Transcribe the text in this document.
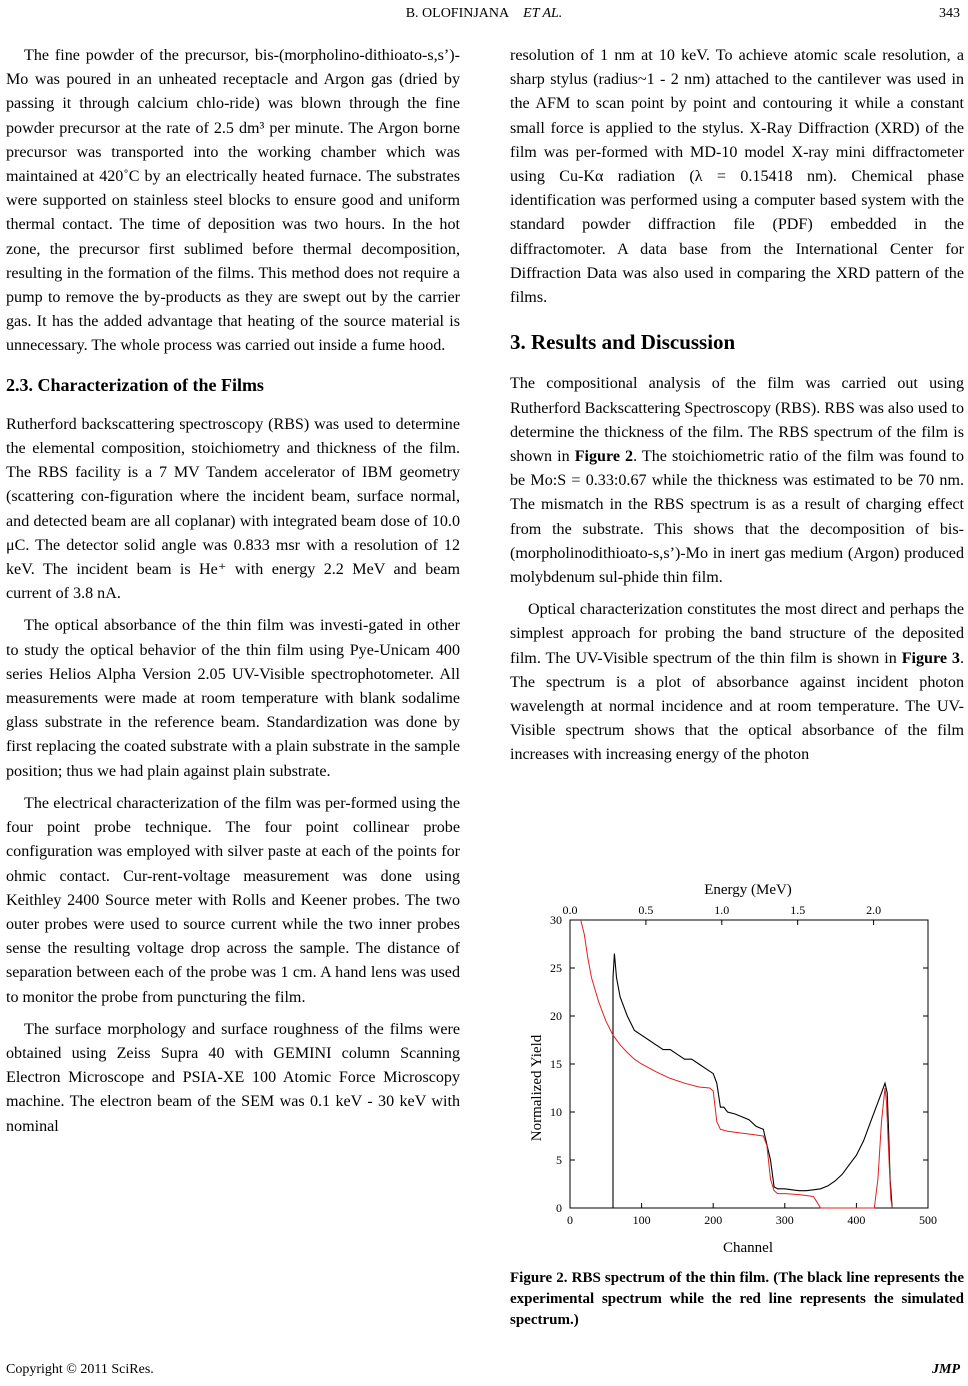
B. OLOFINJANA ET AL.	343

The fine powder of the precursor, bis-(morpholino-dithioato-s,s’)-Mo was poured in an unheated receptacle and Argon gas (dried by passing it through calcium chlo-ride) was blown through the fine powder precursor at the rate of 2.5 dm³ per minute. The Argon borne precursor was transported into the working chamber which was maintained at 420˚C by an electrically heated furnace. The substrates were supported on stainless steel blocks to ensure good and uniform thermal contact. The time of deposition was two hours. In the hot zone, the precursor first sublimed before thermal decomposition, resulting in the formation of the films. This method does not require a pump to remove the by-products as they are swept out by the carrier gas. It has the added advantage that heating of the source material is unnecessary. The whole process was carried out inside a fume hood.

2.3. Characterization of the Films

Rutherford backscattering spectroscopy (RBS) was used to determine the elemental composition, stoichiometry and thickness of the film. The RBS facility is a 7 MV Tandem accelerator of IBM geometry (scattering con-figuration where the incident beam, surface normal, and detected beam are all coplanar) with integrated beam dose of 10.0 μC. The detector solid angle was 0.833 msr with a resolution of 12 keV. The incident beam is He⁺ with energy 2.2 MeV and beam current of 3.8 nA.

The optical absorbance of the thin film was investi-gated in other to study the optical behavior of the thin film using Pye-Unicam 400 series Helios Alpha Version 2.05 UV-Visible spectrophotometer. All measurements were made at room temperature with blank sodalime glass substrate in the reference beam. Standardization was done by first replacing the coated substrate with a plain substrate in the sample position; thus we had plain against plain substrate.

The electrical characterization of the film was per-formed using the four point probe technique. The four point collinear probe configuration was employed with silver paste at each of the points for ohmic contact. Cur-rent-voltage measurement was done using Keithley 2400 Source meter with Rolls and Keener probes. The two outer probes were used to source current while the two inner probes sense the resulting voltage drop across the sample. The distance of separation between each of the probe was 1 cm. A hand lens was used to monitor the probe from puncturing the film.

The surface morphology and surface roughness of the films were obtained using Zeiss Supra 40 with GEMINI column Scanning Electron Microscope and PSIA-XE 100 Atomic Force Microscopy machine. The electron beam of the SEM was 0.1 keV - 30 keV with nominal

resolution of 1 nm at 10 keV. To achieve atomic scale resolution, a sharp stylus (radius~1 - 2 nm) attached to the cantilever was used in the AFM to scan point by point and contouring it while a constant small force is applied to the stylus. X-Ray Diffraction (XRD) of the film was per-formed with MD-10 model X-ray mini diffractometer using Cu-Kα radiation (λ = 0.15418 nm). Chemical phase identification was performed using a computer based system with the standard powder diffraction file (PDF) embedded in the diffractomoter. A data base from the International Center for Diffraction Data was also used in comparing the XRD pattern of the films.

3. Results and Discussion

The compositional analysis of the film was carried out using Rutherford Backscattering Spectroscopy (RBS). RBS was also used to determine the thickness of the film. The RBS spectrum of the film is shown in Figure 2. The stoichiometric ratio of the film was found to be Mo:S = 0.33:0.67 while the thickness was estimated to be 70 nm. The mismatch in the RBS spectrum is as a result of charging effect from the substrate. This shows that the decomposition of bis-(morpholinodithioato-s,s’)-Mo in inert gas medium (Argon) produced molybdenum sul-phide thin film.

Optical characterization constitutes the most direct and perhaps the simplest approach for probing the band structure of the deposited film. The UV-Visible spectrum of the thin film is shown in Figure 3. The spectrum is a plot of absorbance against incident photon wavelength at normal incidence and at room temperature. The UV-Visible spectrum shows that the optical absorbance of the film increases with increasing energy of the photon

Energy (MeV)
Channel
Normalized Yield
0	100	200	300	400	500
0
5
10
15
20
25
30
0.0	0.5	1.0	1.5	2.0
Figure 2. RBS spectrum of the thin film. (The black line represents the experimental spectrum while the red line represents the simulated spectrum.)
Copyright © 2011 SciRes.	JMP
